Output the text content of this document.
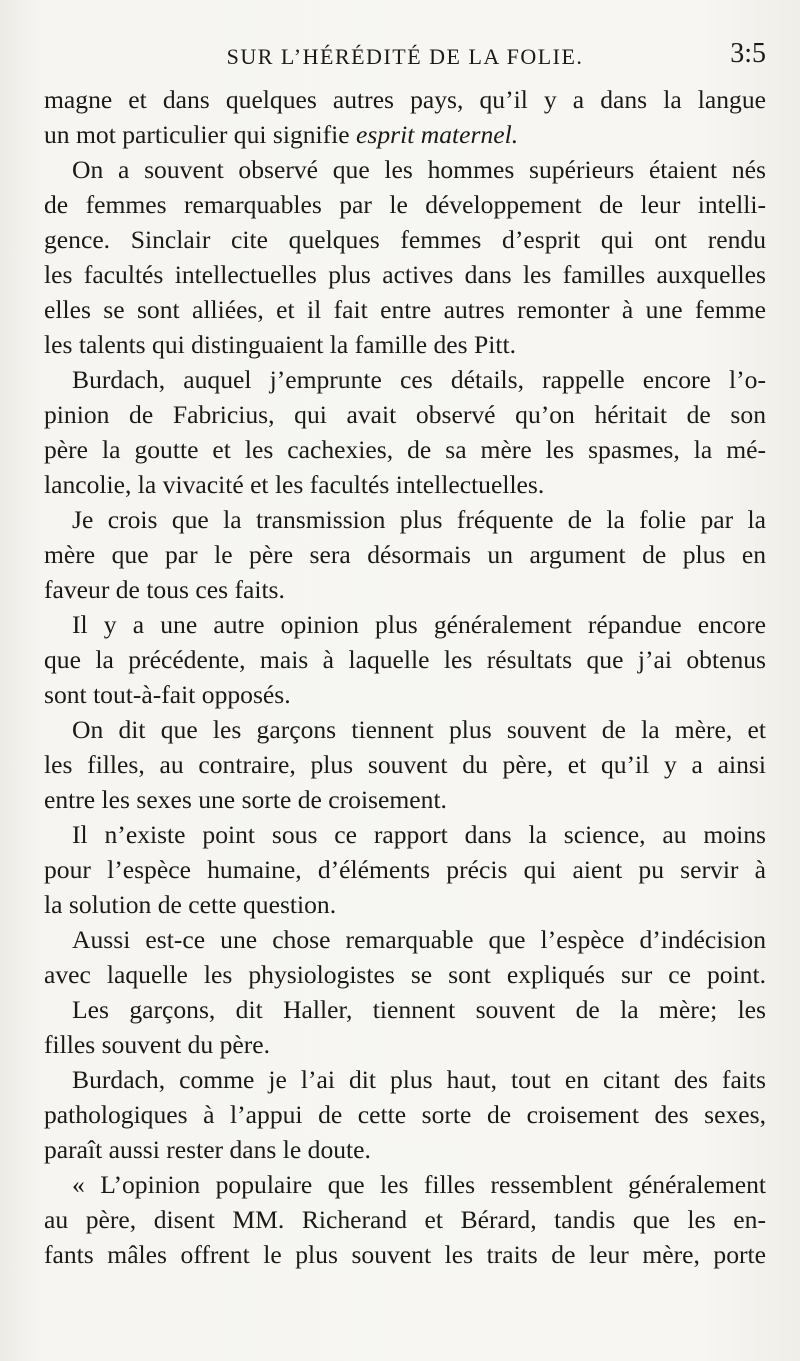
SUR L’HÉRÉDITÉ DE LA FOLIE.	3:5
magne et dans quelques autres pays, qu’il y a dans la langue
un mot particulier qui signifie esprit maternel.
On a souvent observé que les hommes supérieurs étaient nés
de femmes remarquables par le développement de leur intelli-
gence. Sinclair cite quelques femmes d’esprit qui ont rendu
les facultés intellectuelles plus actives dans les familles auxquelles
elles se sont alliées, et il fait entre autres remonter à une femme
les talents qui distinguaient la famille des Pitt.
Burdach, auquel j’emprunte ces détails, rappelle encore l’o-
pinion de Fabricius, qui avait observé qu’on héritait de son
père la goutte et les cachexies, de sa mère les spasmes, la mé-
lancolie, la vivacité et les facultés intellectuelles.
Je crois que la transmission plus fréquente de la folie par la
mère que par le père sera désormais un argument de plus en
faveur de tous ces faits.
Il y a une autre opinion plus généralement répandue encore
que la précédente, mais à laquelle les résultats que j’ai obtenus
sont tout-à-fait opposés.
On dit que les garçons tiennent plus souvent de la mère, et
les filles, au contraire, plus souvent du père, et qu’il y a ainsi
entre les sexes une sorte de croisement.
Il n’existe point sous ce rapport dans la science, au moins
pour l’espèce humaine, d’éléments précis qui aient pu servir à
la solution de cette question.
Aussi est-ce une chose remarquable que l’espèce d’indécision
avec laquelle les physiologistes se sont expliqués sur ce point.
Les garçons, dit Haller, tiennent souvent de la mère; les
filles souvent du père.
Burdach, comme je l’ai dit plus haut, tout en citant des faits
pathologiques à l’appui de cette sorte de croisement des sexes,
paraît aussi rester dans le doute.
« L’opinion populaire que les filles ressemblent généralement
au père, disent MM. Richerand et Bérard, tandis que les en-
fants mâles offrent le plus souvent les traits de leur mère, porte
